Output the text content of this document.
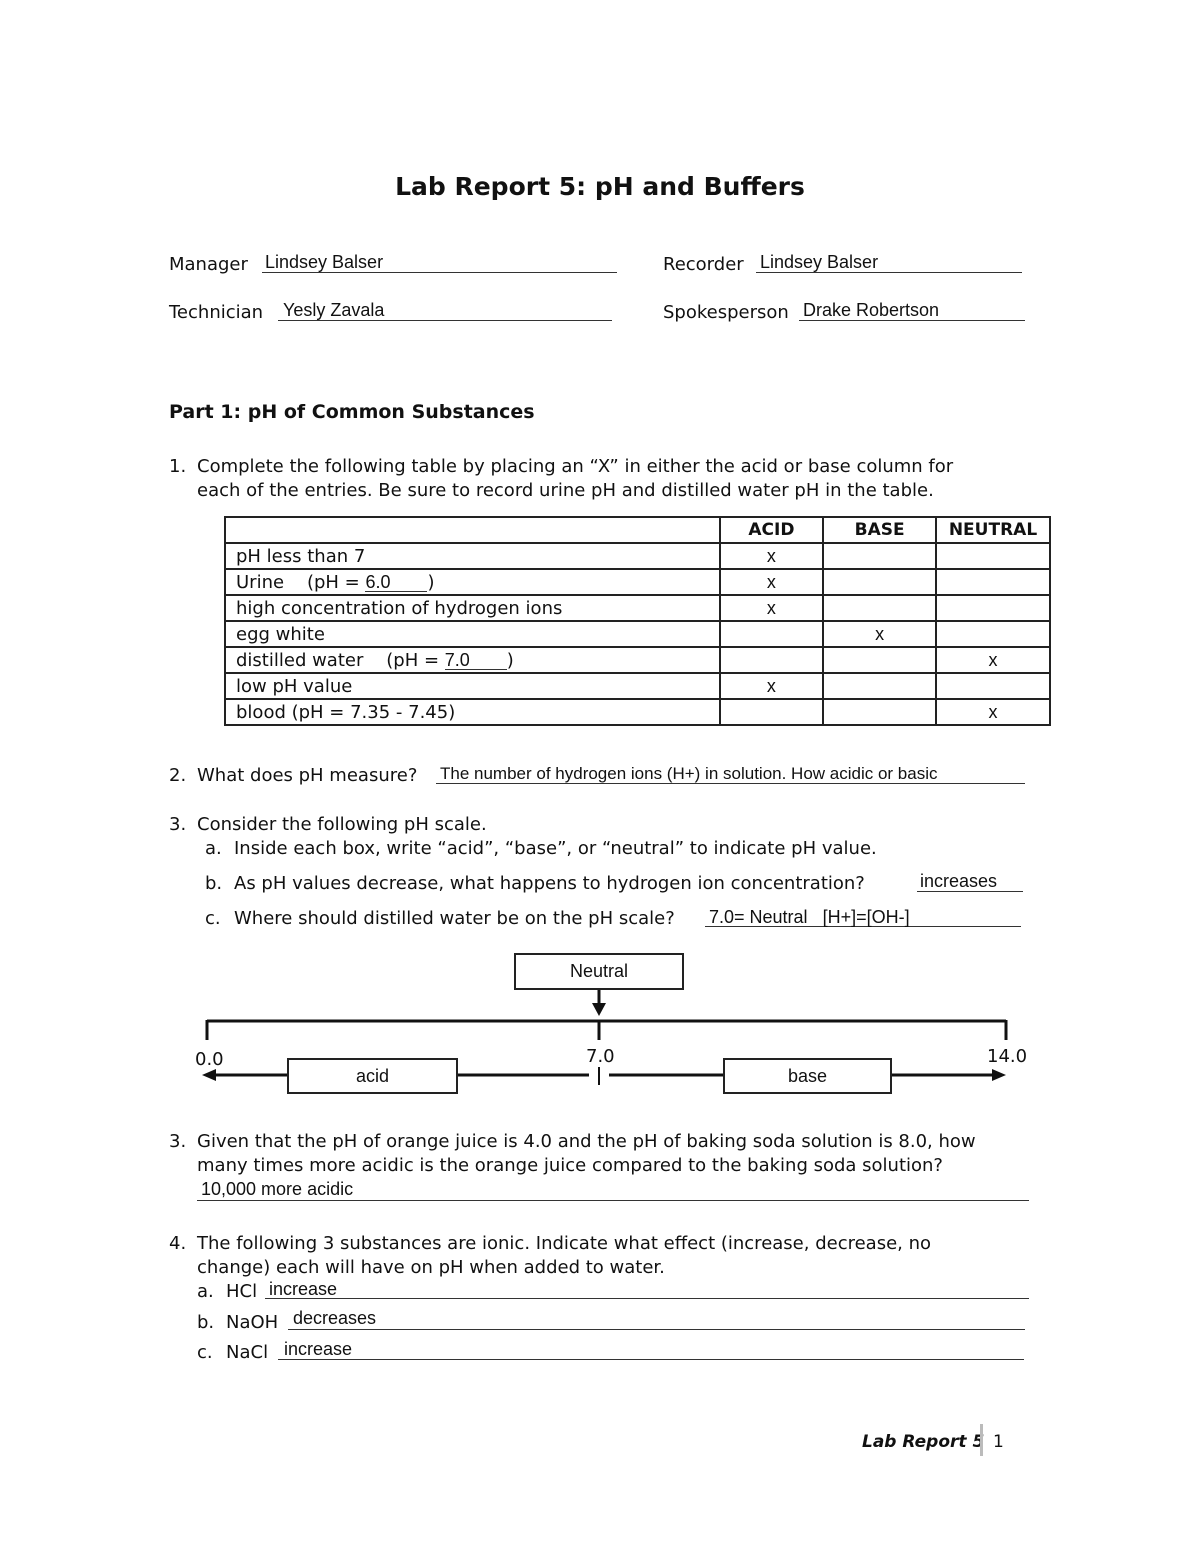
Lab Report 5: pH and Buffers
Manager Lindsey Balser	Recorder Lindsey Balser
Technician Yesly Zavala	Spokesperson Drake Robertson
Part 1: pH of Common Substances
1. Complete the following table by placing an “X” in either the acid or base column for
each of the entries. Be sure to record urine pH and distilled water pH in the table.
	ACID	BASE	NEUTRAL
pH less than 7	x		
Urine    (pH = 6.0 )	x		
high concentration of hydrogen ions	x		
egg white		x	
distilled water    (pH = 7.0 )			x
low pH value	x		
blood (pH = 7.35 - 7.45)			x
2. What does pH measure? The number of hydrogen ions (H+) in solution. How acidic or basic
3. Consider the following pH scale.
a. Inside each box, write “acid”, “base”, or “neutral” to indicate pH value.
b. As pH values decrease, what happens to hydrogen ion concentration?	increases
c. Where should distilled water be on the pH scale? 7.0= Neutral   [H+]=[OH-]
Neutral
acid	base
0.0	7.0	14.0
3. Given that the pH of orange juice is 4.0 and the pH of baking soda solution is 8.0, how
many times more acidic is the orange juice compared to the baking soda solution?
10,000 more acidic
4. The following 3 substances are ionic. Indicate what effect (increase, decrease, no
change) each will have on pH when added to water.
a. HCl increase
b. NaOH decreases
c. NaCl increase
Lab Report 5 1
